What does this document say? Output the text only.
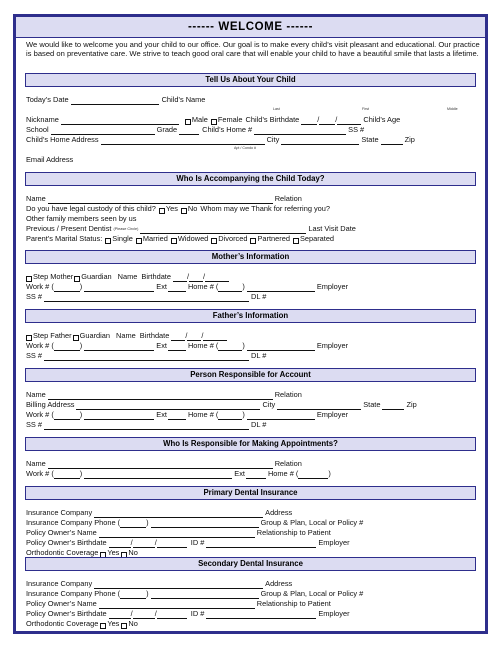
------ WELCOME ------
We would like to welcome you and your child to our office. Our goal is to make every child’s visit pleasant and educational. Our practice is based on preventative care. We strive to teach good oral care that will enable your child to have a beautiful smile that lasts a lifetime.
Tell Us About Your Child
Today’s Date	Child’s Name
Last	First	Middle
Nickname	Male Female Child’s Birthdate / /	Child’s Age
School	Grade	Child’s Home #	SS #
Child’s Home Address	City	State	Zip
Apt / Condo #
Email Address
Who Is Accompanying the Child Today?
Name	Relation
Do you have legal custody of this child? Yes No Whom may we Thank for referring you?
Other family members seen by us
Previous / Present Dentist (Please Circle)	Last Visit Date
Parent’s Marital Status: Single Married Widowed Divorced Partnered Separated
Mother’s Information
Step Mother Guardian Name Birthdate / /
Work # (	)	Ext	Home # (	)	Employer
SS #	DL #
Father’s Information
Step Father Guardian Name Birthdate / /
Work # (	)	Ext	Home # (	)	Employer
SS #	DL #
Person Responsible for Account
Name	Relation
Billing Address	City	State	Zip
Work # (	)	Ext	Home # (	)	Employer
SS #	DL #
Who Is Responsible for Making Appointments?
Name	Relation
Work # (	)	Ext	Home # (	)
Primary Dental Insurance
Insurance Company	Address
Insurance Company Phone (	)	Group & Plan, Local or Policy #
Policy Owner’s Name	Relationship to Patient
Policy Owner’s Birthdate	/	/	ID #	Employer
Orthodontic Coverage Yes No
Secondary Dental Insurance
Insurance Company	Address
Insurance Company Phone (	)	Group & Plan, Local or Policy #
Policy Owner’s Name	Relationship to Patient
Policy Owner’s Birthdate	/	/	ID #	Employer
Orthodontic Coverage Yes No
